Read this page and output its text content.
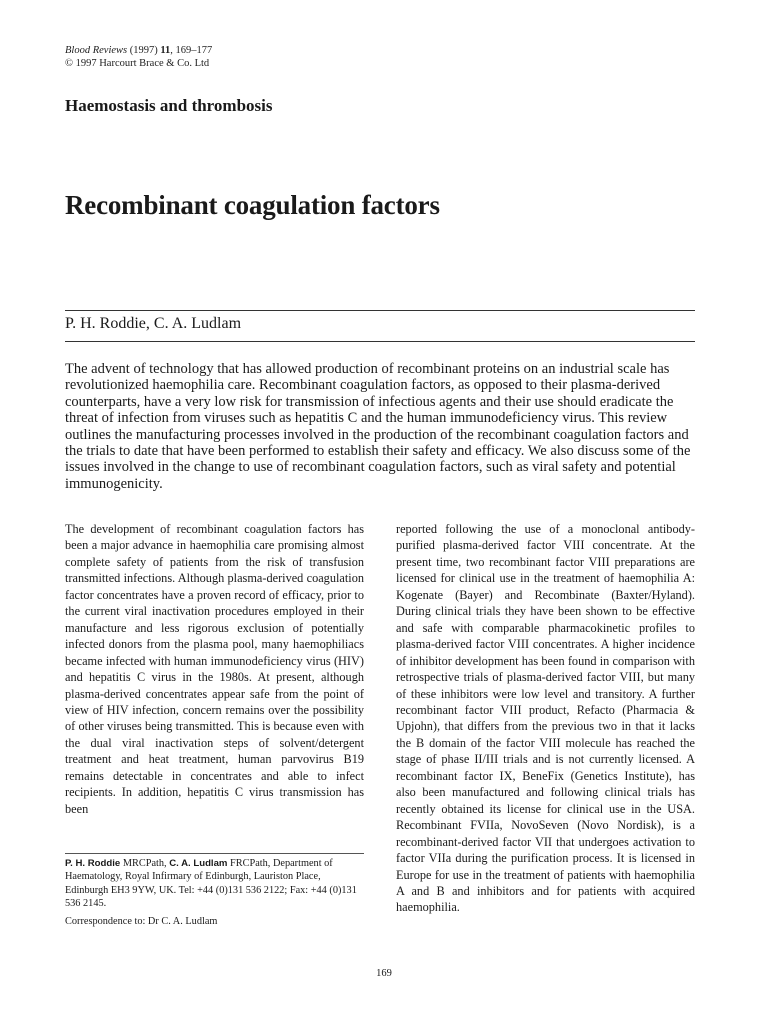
Blood Reviews (1997) 11, 169–177
© 1997 Harcourt Brace & Co. Ltd
Haemostasis and thrombosis
Recombinant coagulation factors
P. H. Roddie, C. A. Ludlam

The advent of technology that has allowed production of recombinant proteins on an industrial scale has revolutionized haemophilia care. Recombinant coagulation factors, as opposed to their plasma-derived counterparts, have a very low risk for transmission of infectious agents and their use should eradicate the threat of infection from viruses such as hepatitis C and the human immunodeficiency virus. This review outlines the manufacturing processes involved in the production of the recombinant coagulation factors and the trials to date that have been performed to establish their safety and efficacy. We also discuss some of the issues involved in the change to use of recombinant coagulation factors, such as viral safety and potential immunogenicity.

The development of recombinant coagulation factors has been a major advance in haemophilia care promising almost complete safety of patients from the risk of transfusion transmitted infections. Although plasma-derived coagulation factor concentrates have a proven record of efficacy, prior to the current viral inactivation procedures employed in their manufacture and less rigorous exclusion of potentially infected donors from the plasma pool, many haemophiliacs became infected with human immunodeficiency virus (HIV) and hepatitis C virus in the 1980s. At present, although plasma-derived concentrates appear safe from the point of view of HIV infection, concern remains over the possibility of other viruses being transmitted. This is because even with the dual viral inactivation steps of solvent/detergent treatment and heat treatment, human parvovirus B19 remains detectable in concentrates and able to infect recipients. In addition, hepatitis C virus transmission has been

reported following the use of a monoclonal antibody-purified plasma-derived factor VIII concentrate. At the present time, two recombinant factor VIII preparations are licensed for clinical use in the treatment of haemophilia A: Kogenate (Bayer) and Recombinate (Baxter/Hyland). During clinical trials they have been shown to be effective and safe with comparable pharmacokinetic profiles to plasma-derived factor VIII concentrates. A higher incidence of inhibitor development has been found in comparison with retrospective trials of plasma-derived factor VIII, but many of these inhibitors were low level and transitory. A further recombinant factor VIII product, Refacto (Pharmacia & Upjohn), that differs from the previous two in that it lacks the B domain of the factor VIII molecule has reached the stage of phase II/III trials and is not currently licensed. A recombinant factor IX, BeneFix (Genetics Institute), has also been manufactured and following clinical trials has recently obtained its license for clinical use in the USA. Recombinant FVIIa, NovoSeven (Novo Nordisk), is a recombinant-derived factor VII that undergoes activation to factor VIIa during the purification process. It is licensed in Europe for use in the treatment of patients with haemophilia A and B and inhibitors and for patients with acquired haemophilia.

P. H. Roddie MRCPath, C. A. Ludlam FRCPath, Department of Haematology, Royal Infirmary of Edinburgh, Lauriston Place, Edinburgh EH3 9YW, UK. Tel: +44 (0)131 536 2122; Fax: +44 (0)131 536 2145.

Correspondence to: Dr C. A. Ludlam

169
